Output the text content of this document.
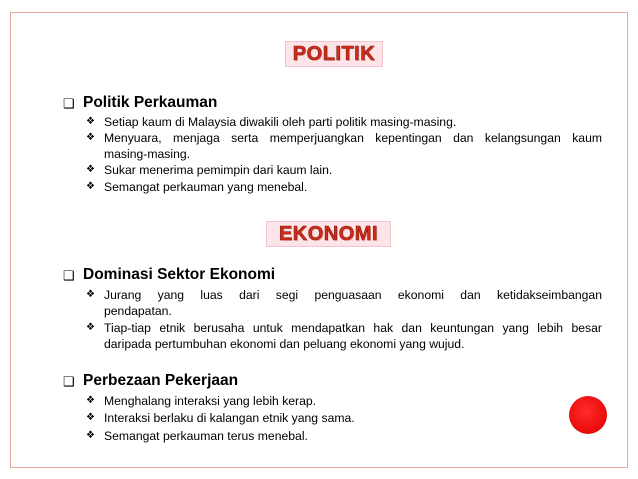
POLITIK
❑ Politik Perkauman
❖ Setiap kaum di Malaysia diwakili oleh parti politik masing-masing.
❖ Menyuara, menjaga serta memperjuangkan kepentingan dan kelangsungan kaum
masing-masing.
❖ Sukar menerima pemimpin dari kaum lain.
❖ Semangat perkauman yang menebal.
EKONOMI
❑ Dominasi Sektor Ekonomi
❖ Jurang yang luas dari segi penguasaan ekonomi dan ketidakseimbangan
pendapatan.
❖ Tiap-tiap etnik berusaha untuk mendapatkan hak dan keuntungan yang lebih besar
daripada pertumbuhan ekonomi dan peluang ekonomi yang wujud.
❑ Perbezaan Pekerjaan
❖ Menghalang interaksi yang lebih kerap.
❖ Interaksi berlaku di kalangan etnik yang sama.
❖ Semangat perkauman terus menebal.
